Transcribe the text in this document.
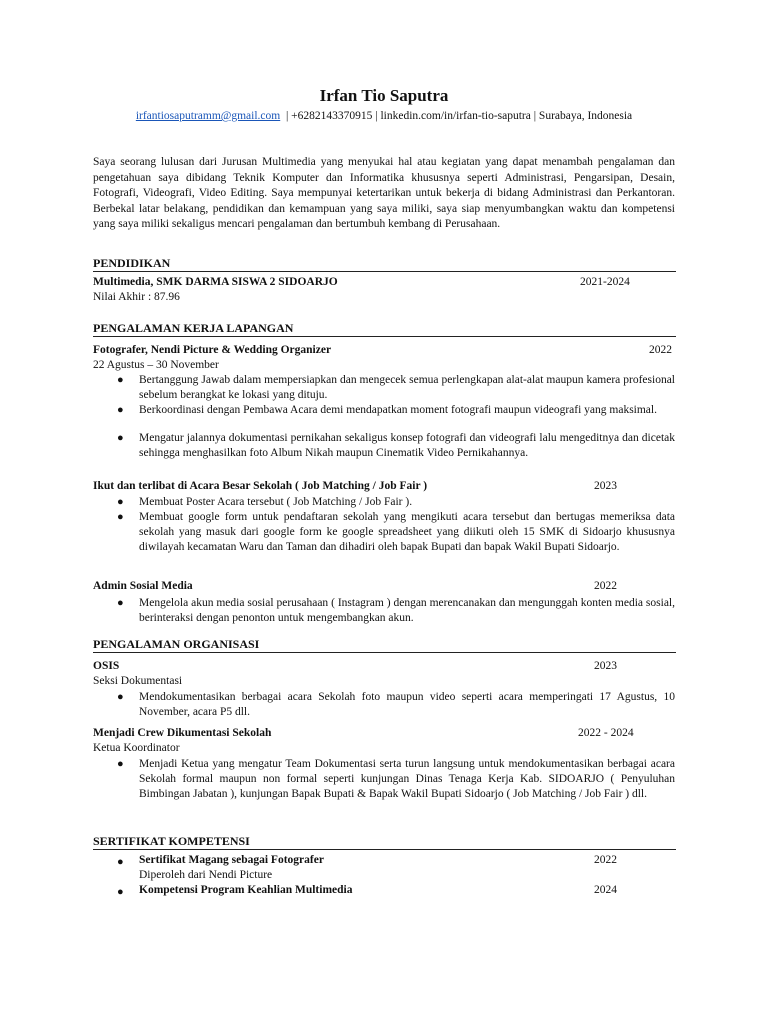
Irfan Tio Saputra
irfantiosaputramm@gmail.com | +6282143370915 | linkedin.com/in/irfan-tio-saputra | Surabaya, Indonesia
Saya seorang lulusan dari Jurusan Multimedia yang menyukai hal atau kegiatan yang dapat menambah pengalaman dan pengetahuan saya dibidang Teknik Komputer dan Informatika khususnya seperti Administrasi, Pengarsipan, Desain, Fotografi, Videografi, Video Editing. Saya mempunyai ketertarikan untuk bekerja di bidang Administrasi dan Perkantoran. Berbekal latar belakang, pendidikan dan kemampuan yang saya miliki, saya siap menyumbangkan waktu dan kompetensi yang saya miliki sekaligus mencari pengalaman dan bertumbuh kembang di Perusahaan.
PENDIDIKAN
Multimedia, SMK DARMA SISWA 2 SIDOARJO	2021-2024
Nilai Akhir : 87.96
PENGALAMAN KERJA LAPANGAN
Fotografer, Nendi Picture & Wedding Organizer	2022
22 Agustus – 30 November
● Bertanggung Jawab dalam mempersiapkan dan mengecek semua perlengkapan alat-alat maupun kamera profesional sebelum berangkat ke lokasi yang dituju.
● Berkoordinasi dengan Pembawa Acara demi mendapatkan moment fotografi maupun videografi yang maksimal.
● Mengatur jalannya dokumentasi pernikahan sekaligus konsep fotografi dan videografi lalu mengeditnya dan dicetak sehingga menghasilkan foto Album Nikah maupun Cinematik Video Pernikahannya.
Ikut dan terlibat di Acara Besar Sekolah ( Job Matching / Job Fair )	2023
● Membuat Poster Acara tersebut ( Job Matching / Job Fair ).
● Membuat google form untuk pendaftaran sekolah yang mengikuti acara tersebut dan bertugas memeriksa data sekolah yang masuk dari google form ke google spreadsheet yang diikuti oleh 15 SMK di Sidoarjo khususnya diwilayah kecamatan Waru dan Taman dan dihadiri oleh bapak Bupati dan bapak Wakil Bupati Sidoarjo.
Admin Sosial Media	2022
● Mengelola akun media sosial perusahaan ( Instagram ) dengan merencanakan dan mengunggah konten media sosial, berinteraksi dengan penonton untuk mengembangkan akun.
PENGALAMAN ORGANISASI
OSIS	2023
Seksi Dokumentasi
● Mendokumentasikan berbagai acara Sekolah foto maupun video seperti acara memperingati 17 Agustus, 10 November, acara P5 dll.
Menjadi Crew Dikumentasi Sekolah	2022 - 2024
Ketua Koordinator
● Menjadi Ketua yang mengatur Team Dokumentasi serta turun langsung untuk mendokumentasikan berbagai acara Sekolah formal maupun non formal seperti kunjungan Dinas Tenaga Kerja Kab. SIDOARJO ( Penyuluhan Bimbingan Jabatan ), kunjungan Bapak Bupati & Bapak Wakil Bupati Sidoarjo ( Job Matching / Job Fair ) dll.
SERTIFIKAT KOMPETENSI
● Sertifikat Magang sebagai Fotografer	2022
Diperoleh dari Nendi Picture
● Kompetensi Program Keahlian Multimedia	2024
